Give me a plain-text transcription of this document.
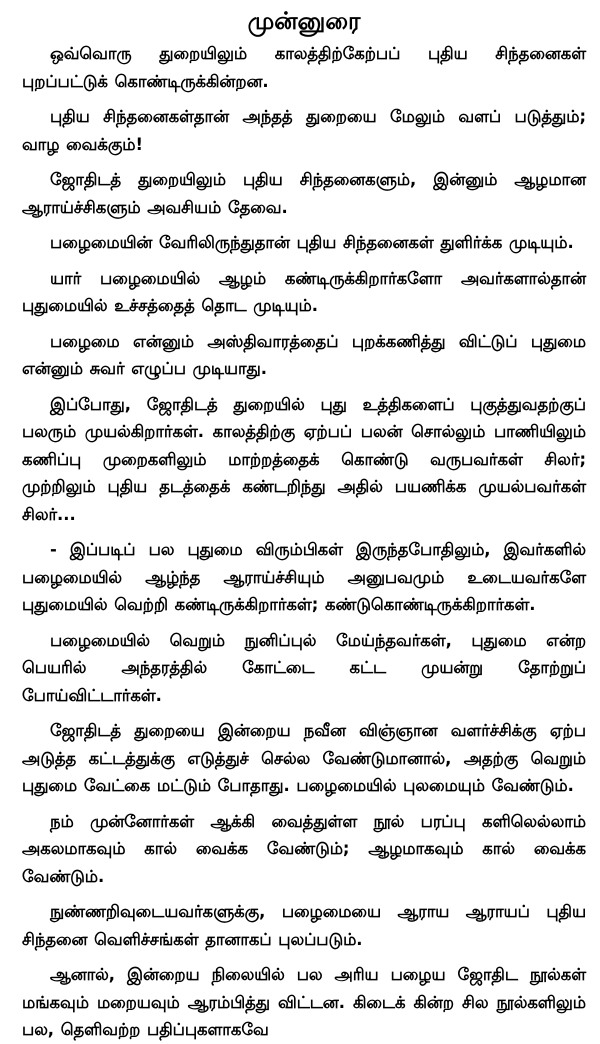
முன்னுரை

ஒவ்வொரு துறையிலும் காலத்திற்கேற்பப் புதிய சிந்தனைகள் புறப்பட்டுக் கொண்டிருக்கின்றன.

புதிய சிந்தனைகள்தான் அந்தத் துறையை மேலும் வளப் படுத்தும்; வாழ வைக்கும்!

ஜோதிடத் துறையிலும் புதிய சிந்தனைகளும், இன்னும் ஆழமான ஆராய்ச்சிகளும் அவசியம் தேவை.

பழைமையின் வேரிலிருந்துதான் புதிய சிந்தனைகள் துளிர்க்க முடியும்.

யார் பழைமையில் ஆழம் கண்டிருக்கிறார்களோ அவர்களால்தான் புதுமையில் உச்சத்தைத் தொட முடியும்.

பழைமை என்னும் அஸ்திவாரத்தைப் புறக்கணித்து விட்டுப் புதுமை என்னும் சுவர் எழுப்ப முடியாது.

இப்போது, ஜோதிடத் துறையில் புது உத்திகளைப் புகுத்துவதற்குப் பலரும் முயல்கிறார்கள். காலத்திற்கு ஏற்பப் பலன் சொல்லும் பாணியிலும் கணிப்பு முறைகளிலும் மாற்றத்தைக் கொண்டு வருபவர்கள் சிலர்; முற்றிலும் புதிய தடத்தைக் கண்டறிந்து அதில் பயணிக்க முயல்பவர்கள் சிலர்...

- இப்படிப் பல புதுமை விரும்பிகள் இருந்தபோதிலும், இவர்களில் பழைமையில் ஆழ்ந்த ஆராய்ச்சியும் அனுபவமும் உடையவர்களே புதுமையில் வெற்றி கண்டிருக்கிறார்கள்; கண்டுகொண்டிருக்கிறார்கள்.

பழைமையில் வெறும் நுனிப்புல் மேய்ந்தவர்கள், புதுமை என்ற பெயரில் அந்தரத்தில் கோட்டை கட்ட முயன்று தோற்றுப் போய்விட்டார்கள்.

ஜோதிடத் துறையை இன்றைய நவீன விஞ்ஞான வளர்ச்சிக்கு ஏற்ப அடுத்த கட்டத்துக்கு எடுத்துச் செல்ல வேண்டுமானால், அதற்கு வெறும் புதுமை வேட்கை மட்டும் போதாது. பழைமையில் புலமையும் வேண்டும்.

நம் முன்னோர்கள் ஆக்கி வைத்துள்ள நூல் பரப்பு களிலெல்லாம் அகலமாகவும் கால் வைக்க வேண்டும்; ஆழமாகவும் கால் வைக்க வேண்டும்.

நுண்ணறிவுடையவர்களுக்கு, பழைமையை ஆராய ஆராயப் புதிய சிந்தனை வெளிச்சங்கள் தானாகப் புலப்படும்.

ஆனால், இன்றைய நிலையில் பல அரிய பழைய ஜோதிட நூல்கள் மங்கவும் மறையவும் ஆரம்பித்து விட்டன. கிடைக் கின்ற சில நூல்களிலும் பல, தெளிவற்ற பதிப்புகளாகவே
